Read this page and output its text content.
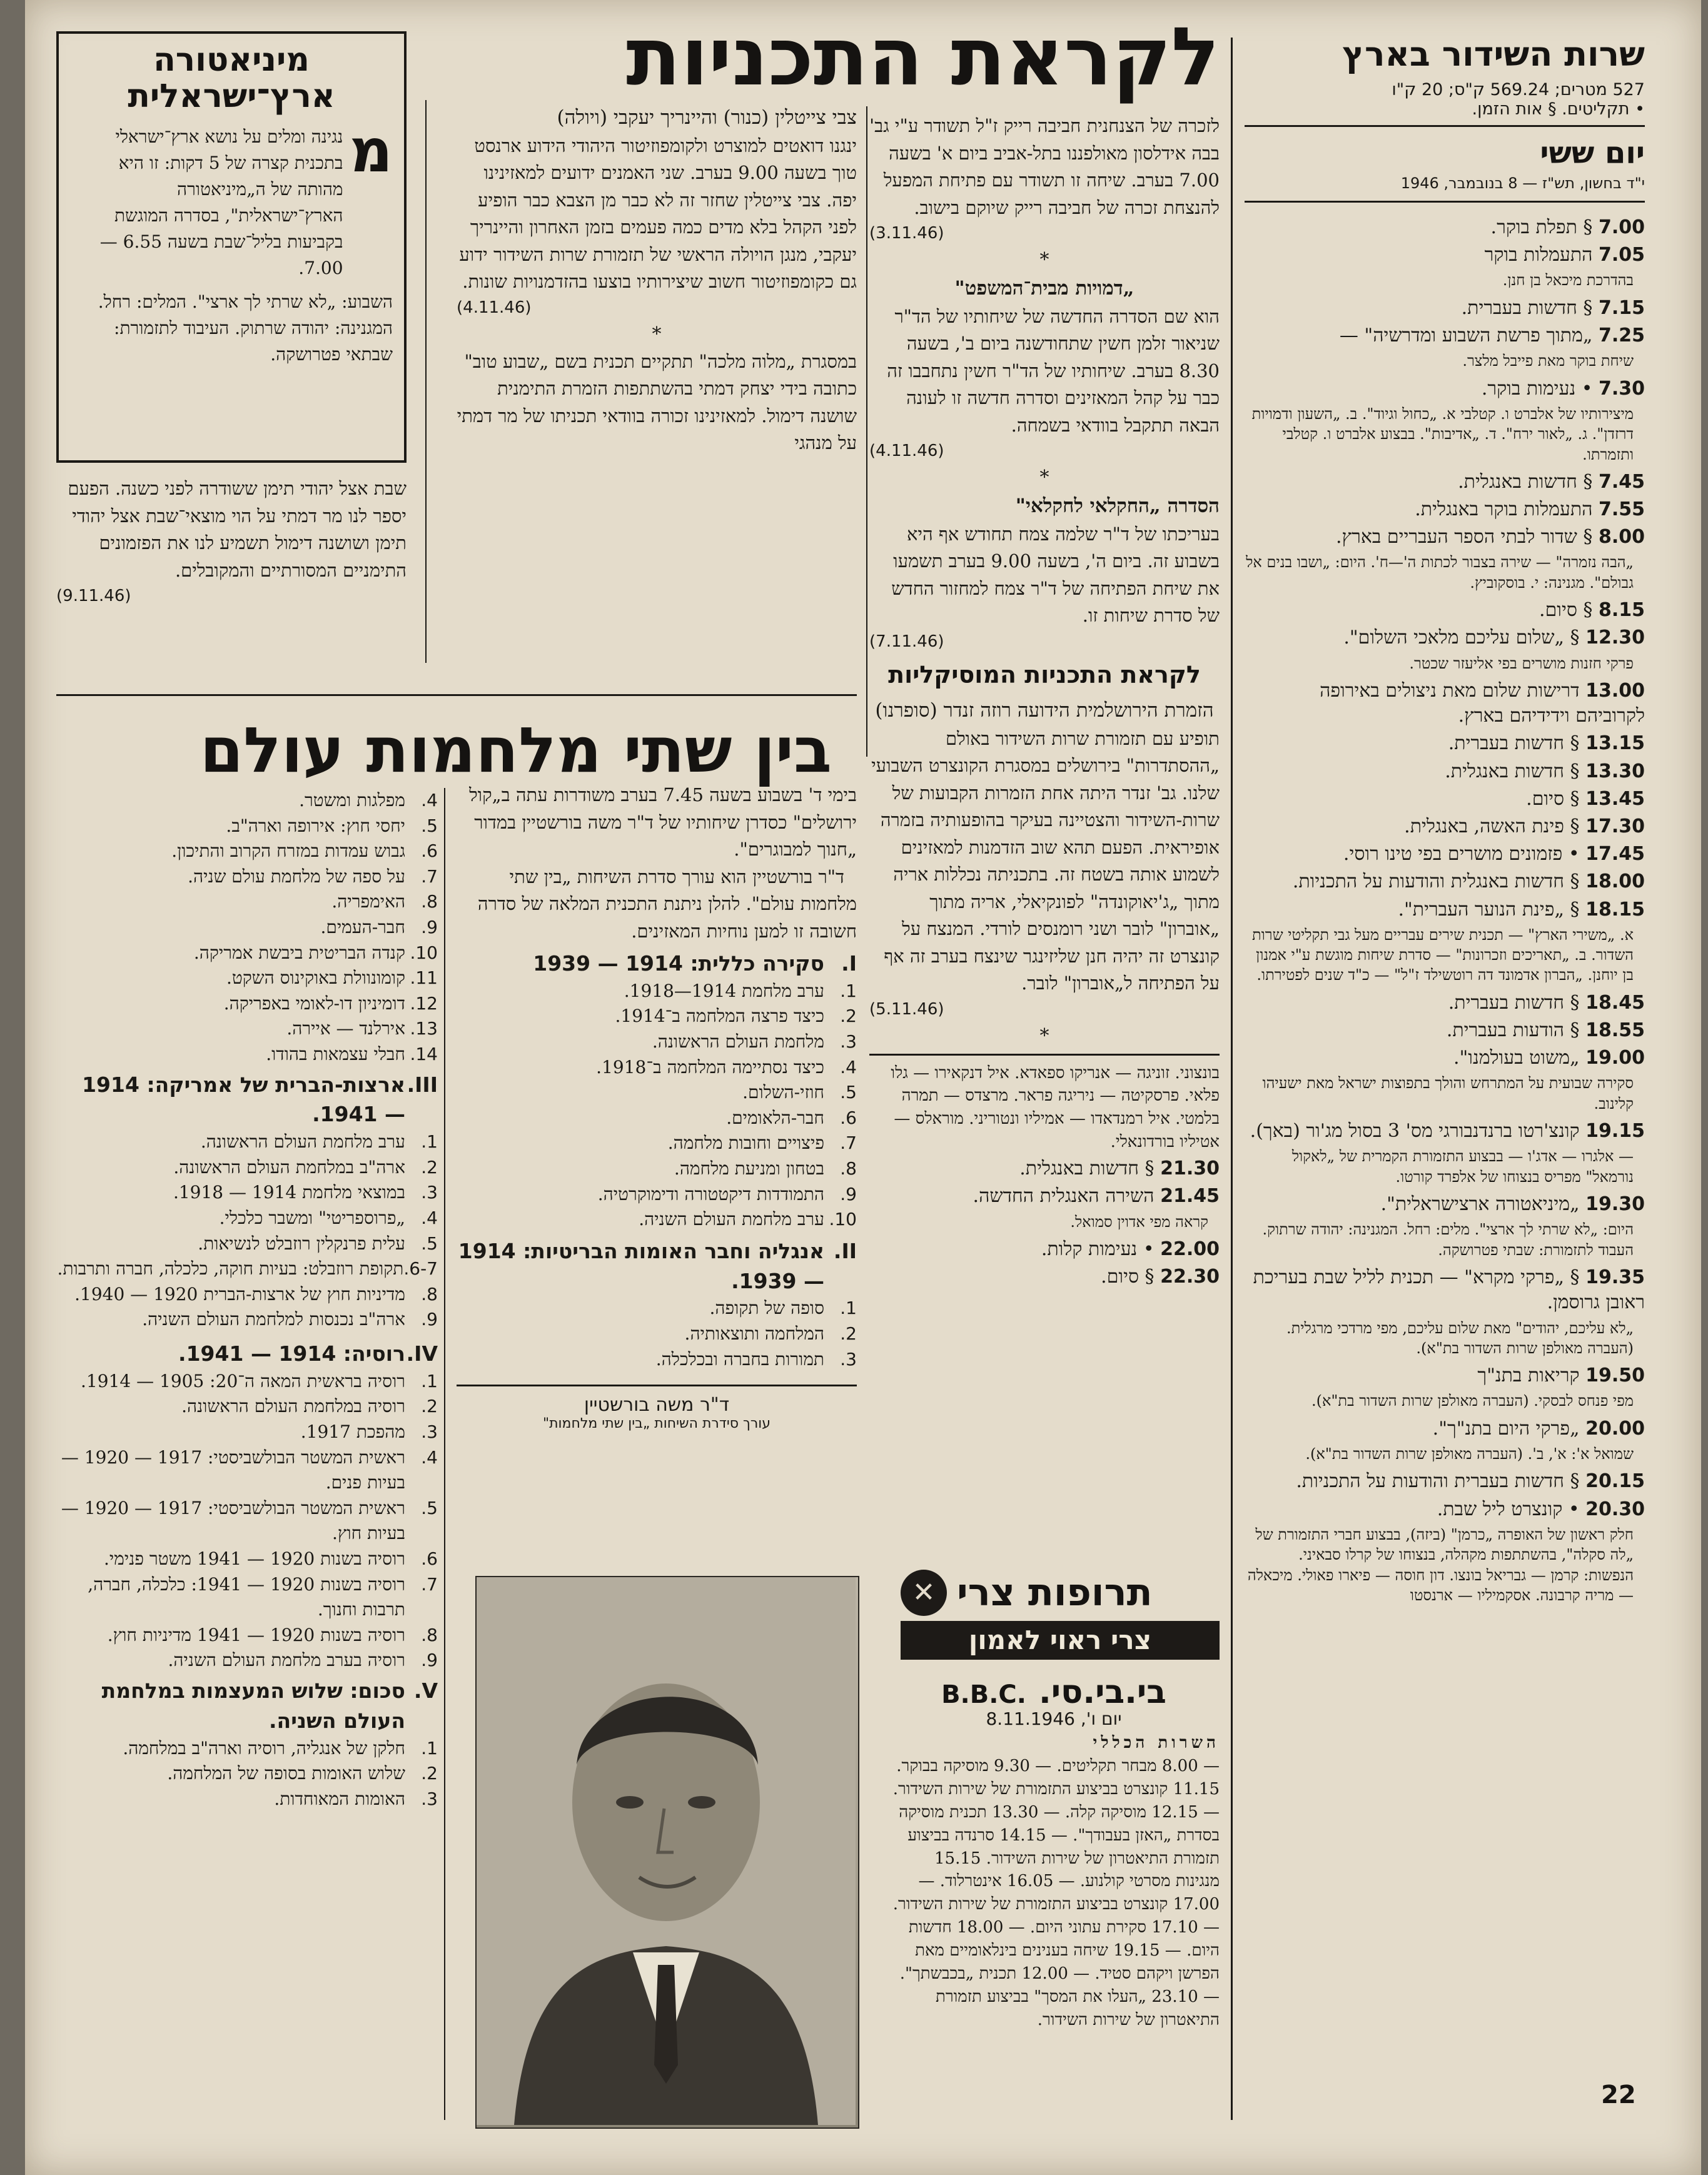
שרות השידור בארץ
527 מטרים; 569.24 ק"ס; 20 ק"ו
• תקליטים. § אות הזמן.
יום ששי
י"ד בחשון, תש"ז — 8 בנובמבר, 1946
7.00 § תפלת בוקר.
7.05 התעמלות בוקר
בהדרכת מיכאל בן חנן.
7.15 § חדשות בעברית.
7.25 „מתוך פרשת השבוע ומדרשיה" —
שיחת בוקר מאת פייבל מלצר.
7.30 • נעימות בוקר.
מיצירותיו של אלברט ו. קטלבי א. „כחול וגיוד". ב. „השעון ודמויות דרזדן". ג. „לאור ירח". ד. „אדיבות". בבצוע אלברט ו. קטלבי ותזמרתו.
7.45 § חדשות באנגלית.
7.55 התעמלות בוקר באנגלית.
8.00 § שדור לבתי הספר העבריים בארץ.
„הבה נזמרה" — שירה בצבור לכתות ה'—ח'. היום: „ושבו בנים אל גבולם". מגנינה: י. בוסקוביץ.
8.15 § סיום.
12.30 § „שלום עליכם מלאכי השלום".
פרקי חזנות מושרים בפי אליעזר שכטר.
13.00 דרישות שלום מאת ניצולים באירופה לקרוביהם וידידיהם בארץ.
13.15 § חדשות בעברית.
13.30 § חדשות באנגלית.
13.45 § סיום.
17.30 § פינת האשה, באנגלית.
17.45 • פזמונים מושרים בפי טינו רוסי.
18.00 § חדשות באנגלית והודעות על התכניות.
18.15 § „פינת הנוער העברית".
א. „משירי הארץ" — תכנית שירים עבריים מעל גבי תקליטי שרות השדור. ב. „תאריכים וזכרונות" — סדרת שיחות מוגשת ע"י אמנון בן יוחנן. „הברון אדמונד דה רוטשילד ז"ל" — כ"ד שנים לפטירתו.
18.45 § חדשות בעברית.
18.55 § הודעות בעברית.
19.00 „משוט בעולמנו".
סקירה שבועית על המתרחש והולך בתפוצות ישראל מאת ישעיהו קלינוב.
19.15 קונצ'רטו ברנדנבורגי מס' 3 בסול מג'ור (באך).
— אלגרו — אדג'ו — בבצוע התזמורת הקמרית של „לאקול נורמאל" מפריס בנצוחו של אלפרד קורטו.
19.30 „מיניאטורה ארצישראלית".
היום: „לא שרתי לך ארצי". מלים: רחל. המגנינה: יהודה שרתוק. העבוד לתזמורת: שבתי פטרושקה.
19.35 § „פרקי מקרא" — תכנית לליל שבת בעריכת ראובן גרוסמן.
„לא עליכם, יהודים" מאת שלום עליכם, מפי מרדכי מרגלית. (העברה מאולפן שרות השדור בת"א).
19.50 קריאות בתנ"ך
מפי פנחס לבסקי. (העברה מאולפן שרות השדור בת"א).
20.00 „פרקי היום בתנ"ך".
שמואל א': א', ב'. (העברה מאולפן שרות השדור בת"א).
20.15 § חדשות בעברית והודעות על התכניות.
20.30 • קונצרט ליל שבת.
חלק ראשון של האופרה „כרמן" (ביזה), בבצוע חברי התזמורת של „לה סקלה", בהשתתפות מקהלה, בנצוחו של קרלו סבאיני. הנפשות: קרמן — גבריאל בונצו. דון חוסה — פיארו פאולי. מיכאלה — מריה קרבונה. אסקמיליו — ארנסטו
לקראת התכניות
לזכרה של הצנחנית חביבה רייק ז"ל תשודר ע"י גב' בבה אידלסון מאולפננו בתל-אביב ביום א' בשעה 7.00 בערב. שיחה זו תשודר עם פתיחת המפעל להנצחת זכרה של חביבה רייק שיוקם בישוב.
(3.11.46)
*
„דמויות מבית־המשפט"
הוא שם הסדרה החדשה של שיחותיו של הד"ר שניאור זלמן חשין שתחודשנה ביום ב', בשעה 8.30 בערב. שיחותיו של הד"ר חשין נתחבבו זה כבר על קהל המאזינים וסדרה חדשה זו לעונה הבאה תתקבל בוודאי בשמחה.
(4.11.46)
*
הסדרה „החקלאי לחקלאי"
בעריכתו של ד"ר שלמה צמח תחודש אף היא בשבוע זה. ביום ה', בשעה 9.00 בערב תשמעו את שיחת הפתיחה של ד"ר צמח למחזור החדש של סדרת שיחות זו.
(7.11.46)
לקראת התכניות המוסיקליות
הזמרת הירושלמית הידועה רוזה זנדר (סופרנו)
תופיע עם תזמורת שרות השידור באולם „ההסתדרות" בירושלים במסגרת הקונצרט השבועי שלנו. גב' זנדר היתה אחת הזמרות הקבועות של שרות-השידור והצטיינה בעיקר בהופעותיה בזמרה אופיראית. הפעם תהא שוב הזדמנות למאזינים לשמוע אותה בשטח זה. בתכניתה נכללות אריה מתוך „ג'יאוקונדה" לפונקיאלי, אריה מתוך „אוברון" לובר ושני רומנסים לורדי. המנצח על קונצרט זה יהיה חנן שליזינגר שינצח בערב זה אף על הפתיחה ל„אוברון" לובר.
(5.11.46)
*
בונצוני. זוניגה — אנריקו ספאדא. איל דנקאירו — גלו פלאי. פרסקיטה — ניריגה פראר. מרצדס — תמרה בלמטי. איל רמנדאדו — אמיליו ונטוריני. מוראלס — אטיליו בורדונאלי.
21.30 § חדשות באנגלית.
21.45 השירה האנגלית החדשה.
קראה מפי אדוין סמואל.
22.00 • נעימות קלות.
22.30 § סיום.
תרופות צרי
✕
צרי ראוי לאמון
בי.בי.סי.
B.B.C.
יום ו', 8.11.1946
השרות הכללי
— 8.00 מבחר תקליטים. — 9.30 מוסיקה בבוקר. 11.15 קונצרט בביצוע התזמורת של שירות השידור. — 12.15 מוסיקה קלה. — 13.30 תכנית מוסיקה בסדרת „האזן בעבודך". — 14.15 סרנדה בביצוע תזמורת התיאטרון של שירות השידור. 15.15 מנגינות מסרטי קולנוע. — 16.05 אינטרלוד. — 17.00 קונצרט בביצוע התזמורת של שירות השידור. — 17.10 סקירת עתוני היום. — 18.00 חדשות היום. — 19.15 שיחה בענינים בינלאומיים מאת הפרשן ויקהם סטיד. — 12.00 תכנית „בכבשתך". — 23.10 „העלו את המסך" בביצוע תזמורת התיאטרון של שירות השידור.
צבי צייטלין (כנור) והיינריך יעקבי (ויולה)
ינגנו דואטים למוצרט ולקומפוזיטור היהודי הידוע ארנסט טוך בשעה 9.00 בערב. שני האמנים ידועים למאזינינו יפה. צבי צייטלין שחזר זה לא כבר מן הצבא כבר הופיע לפני הקהל בלא מדים כמה פעמים בזמן האחרון והיינריך יעקבי, מנגן הויולה הראשי של תזמורת שרות השידור ידוע גם כקומפוזיטור חשוב שיצירותיו בוצעו בהזדמנויות שונות.
(4.11.46)
*
במסגרת „מלוה מלכה" תתקיים תכנית בשם „שבוע טוב" כתובה בידי יצחק דמתי בהשתתפות הזמרת התימנית שושנה דימול. למאזינינו זכורה בוודאי תכניתו של מר דמתי על מנהגי
מיניאטורה
ארץ־ישראלית
מ
נגינה ומלים על נושא ארץ־ישראלי בתכנית קצרה של 5 דקות: זו היא מהותה של ה„מיניאטורה הארץ־ישראלית", בסדרה המוגשת בקביעות בליל־שבת בשעה 6.55 — 7.00.
השבוע: „לא שרתי לך ארצי". המלים: רחל. המגנינה: יהודה שרתוק. העיבוד לתזמורת: שבתאי פטרושקה.
שבת אצל יהודי תימן ששודרה לפני כשנה. הפעם יספר לנו מר דמתי על הוי מוצאי־שבת אצל יהודי תימן ושושנה דימול תשמיע לנו את הפזמונים התימניים המסורתיים והמקובלים.
(9.11.46)
בין שתי מלחמות עולם
בימי ד' בשבוע בשעה 7.45 בערב משודרות עתה ב„קול ירושלים" כסדרן שיחותיו של ד"ר משה בורשטיין במדור „חנוך למבוגרים".
ד"ר בורשטיין הוא עורך סדרת השיחות „בין שתי מלחמות עולם". להלן ניתנת התכנית המלאה של סדרה חשובה זו למען נוחיות המאזינים.
I.
סקירה כללית: 1914 — 1939
1.
ערב מלחמת 1914—1918.
2.
כיצד פרצה המלחמה ב־1914.
3.
מלחמת העולם הראשונה.
4.
כיצד נסתיימה המלחמה ב־1918.
5.
חוזי-השלום.
6.
חבר-הלאומים.
7.
פיצויים וחובות מלחמה.
8.
בטחון ומניעת מלחמה.
9.
התמודדות דיקטטורה ודימוקרטיה.
10.
ערב מלחמת העולם השניה.
II.
אנגליה וחבר האומות הבריטיות: 1914 — 1939.
1.
סופה של תקופה.
2.
המלחמה ותוצאותיה.
3.
תמורות בחברה ובכלכלה.
ד"ר משה בורשטיין
עורך סידרת השיחות „בין שתי מלחמות"
4.
מפלגות ומשטר.
5.
יחסי חוץ: אירופה וארה"ב.
6.
גבוש עמדות במזרח הקרוב והתיכון.
7.
על ספה של מלחמת עולם שניה.
8.
האימפריה.
9.
חבר-העמים.
10.
קנדה הבריטית ביבשת אמריקה.
11.
קומונוולת באוקינוס השקט.
12.
דומיניון דו-לאומי באפריקה.
13.
אירלנד — איירה.
14.
חבלי עצמאות בהודו.
III.
ארצות-הברית של אמריקה: 1914 — 1941.
1.
ערב מלחמת העולם הראשונה.
2.
ארה"ב במלחמת העולם הראשונה.
3.
במוצאי מלחמת 1914 — 1918.
4.
„פרוספריטי" ומשבר כלכלי.
5.
עלית פרנקלין רוזבלט לנשיאות.
6-7.
תקופת רוזבלט: בעיות חוקה, כלכלה, חברה ותרבות.
8.
מדיניות חוץ של ארצות-הברית 1920 — 1940.
9.
ארה"ב נכנסות למלחמת העולם השניה.
IV.
רוסיה: 1914 — 1941.
1.
רוסיה בראשית המאה ה־20: 1905 — 1914.
2.
רוסיה במלחמת העולם הראשונה.
3.
מהפכת 1917.
4.
ראשית המשטר הבולשביסטי: 1917 — 1920 — בעיות פנים.
5.
ראשית המשטר הבולשביסטי: 1917 — 1920 — בעיות חוץ.
6.
רוסיה בשנות 1920 — 1941 משטר פנימי.
7.
רוסיה בשנות 1920 — 1941: כלכלה, חברה, תרבות וחנוך.
8.
רוסיה בשנות 1920 — 1941 מדיניות חוץ.
9.
רוסיה בערב מלחמת העולם השניה.
V.
סכום: שלוש המעצמות במלחמת העולם השניה.
1.
חלקן של אנגליה, רוסיה וארה"ב במלחמה.
2.
שלוש האומות בסופה של המלחמה.
3.
האומות המאוחדות.
22
